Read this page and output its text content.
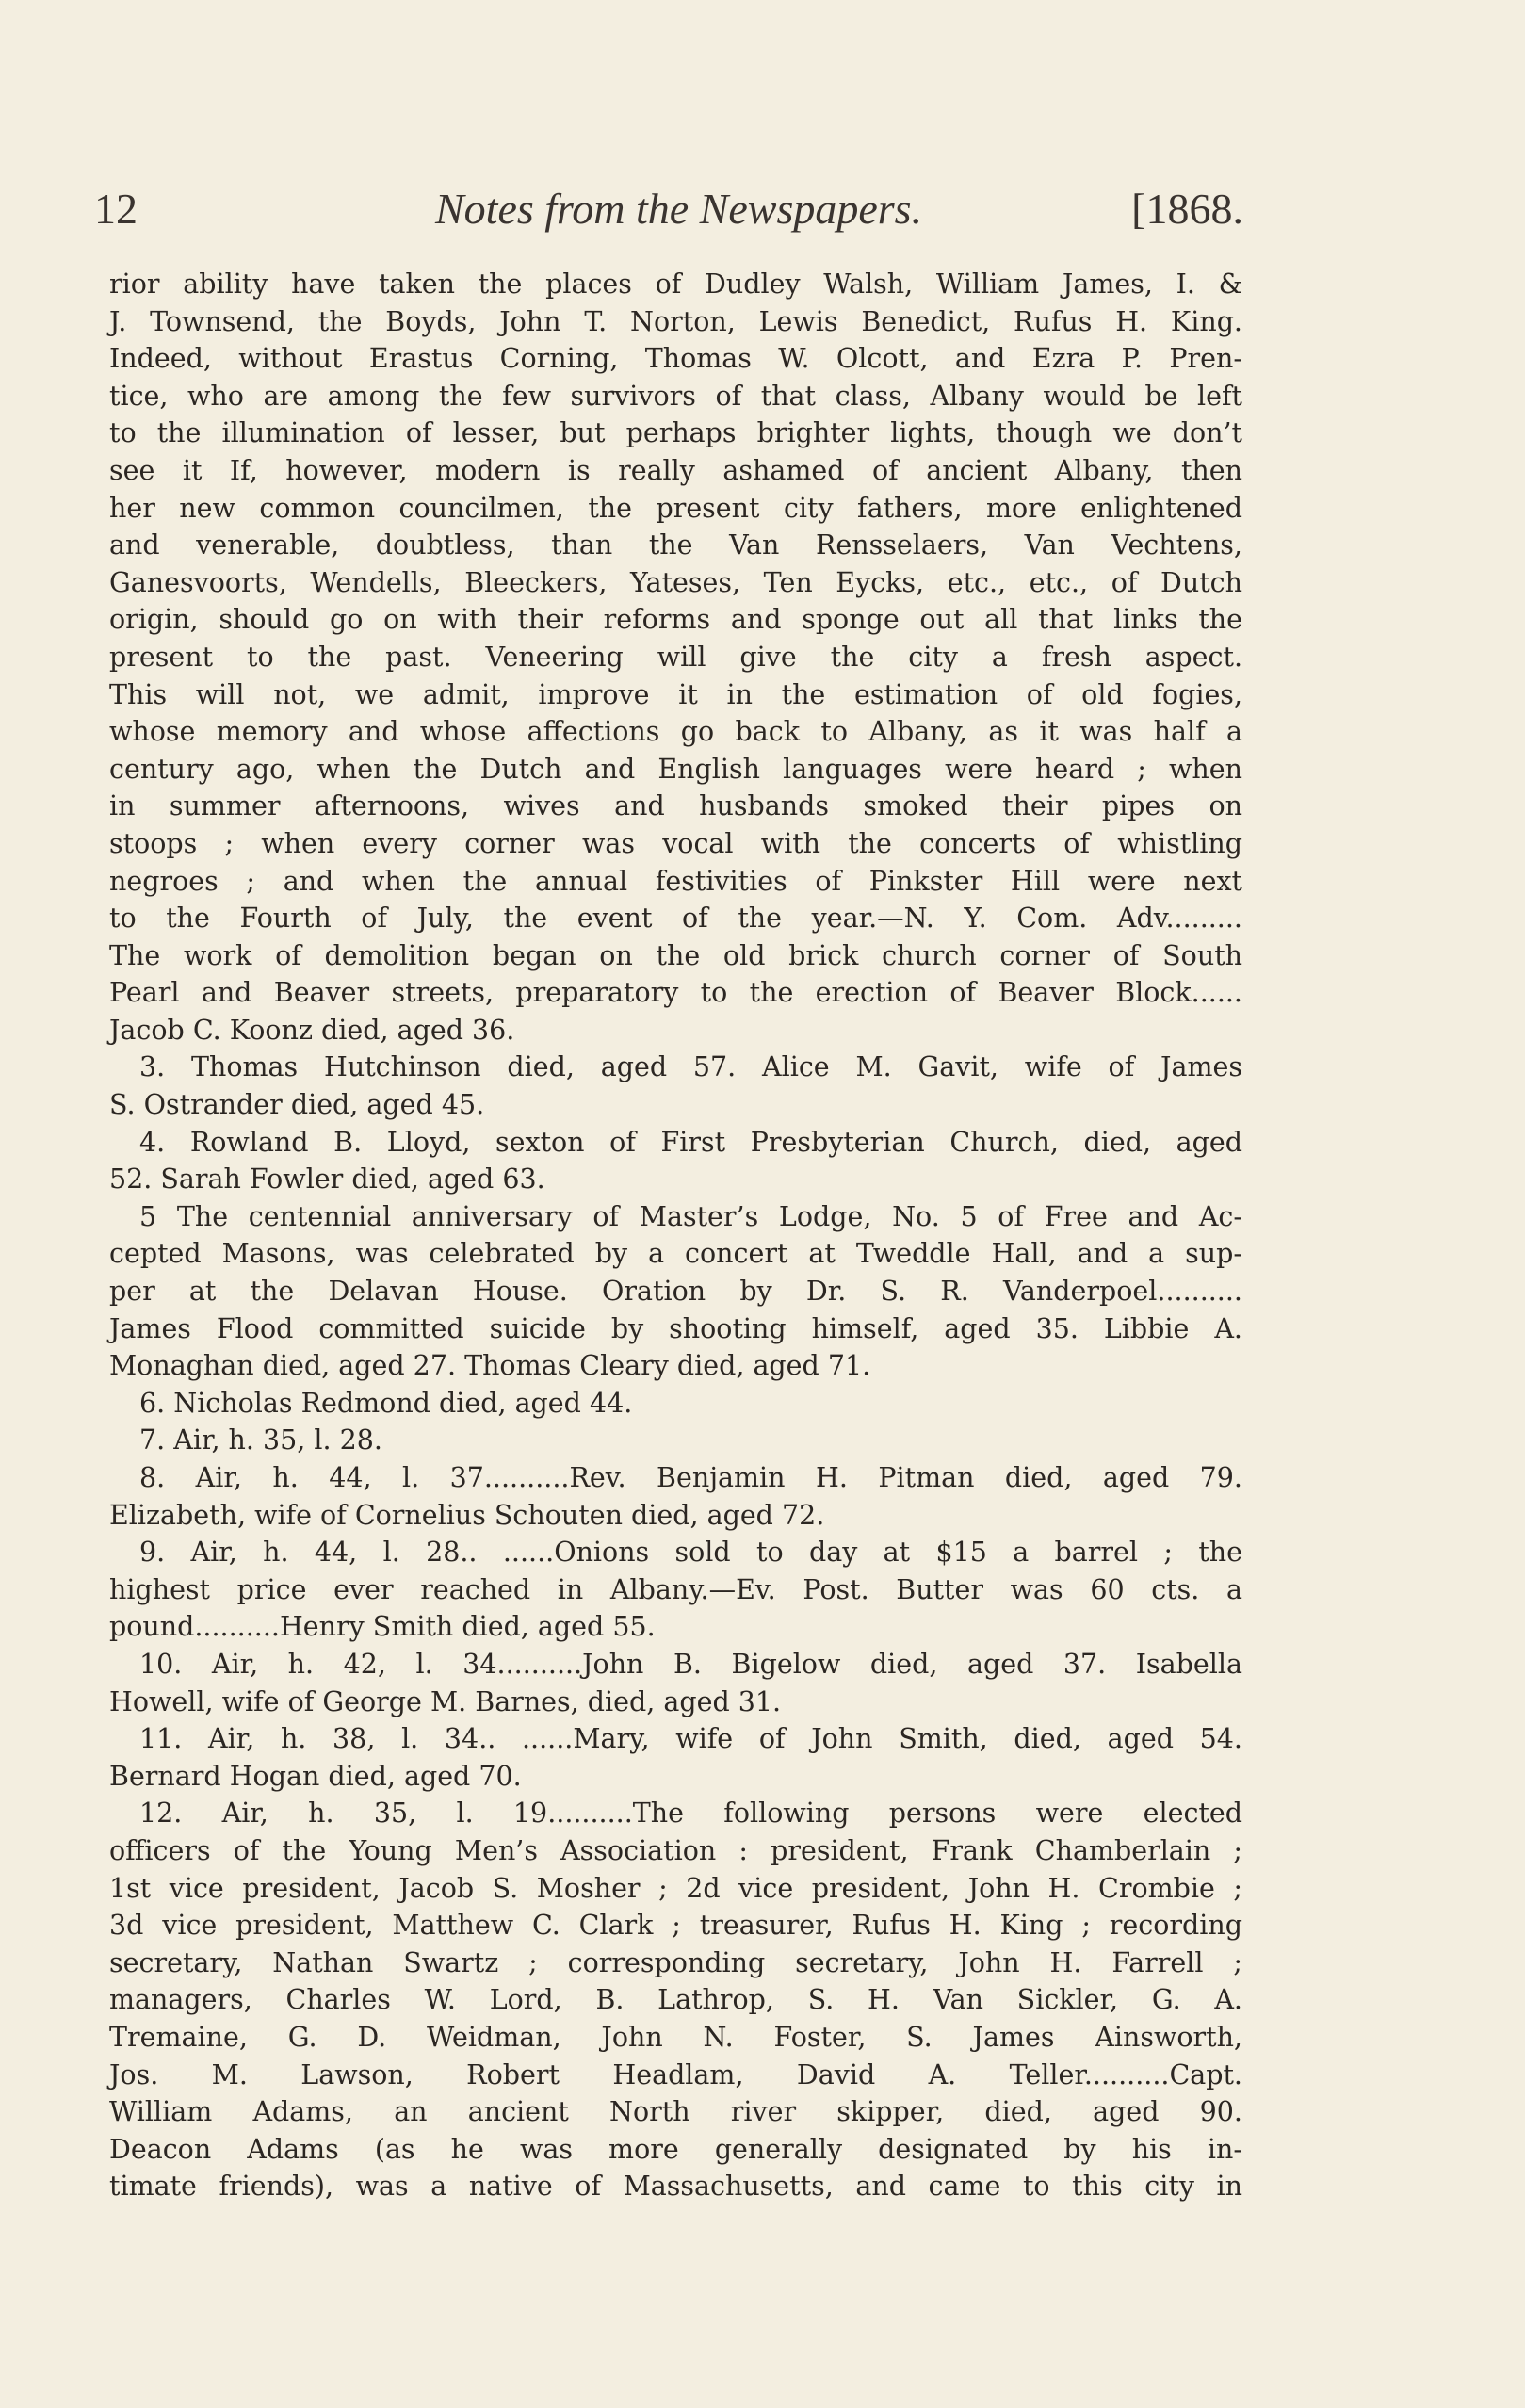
12	Notes from the Newspapers.	[1868.
rior ability have taken the places of Dudley Walsh, William James, I. &
J. Townsend, the Boyds, John T. Norton, Lewis Benedict, Rufus H. King.
Indeed, without Erastus Corning, Thomas W. Olcott, and Ezra P. Pren-
tice, who are among the few survivors of that class, Albany would be left
to the illumination of lesser, but perhaps brighter lights, though we don’t
see it If, however, modern is really ashamed of ancient Albany, then
her new common councilmen, the present city fathers, more enlightened
and venerable, doubtless, than the Van Rensselaers, Van Vechtens,
Ganesvoorts, Wendells, Bleeckers, Yateses, Ten Eycks, etc., etc., of Dutch
origin, should go on with their reforms and sponge out all that links the
present to the past. Veneering will give the city a fresh aspect.
This will not, we admit, improve it in the estimation of old fogies,
whose memory and whose affections go back to Albany, as it was half a
century ago, when the Dutch and English languages were heard ; when
in summer afternoons, wives and husbands smoked their pipes on
stoops ; when every corner was vocal with the concerts of whistling
negroes ; and when the annual festivities of Pinkster Hill were next
to the Fourth of July, the event of the year.—N. Y. Com. Adv.........
The work of demolition began on the old brick church corner of South
Pearl and Beaver streets, preparatory to the erection of Beaver Block......
Jacob C. Koonz died, aged 36.
3. Thomas Hutchinson died, aged 57. Alice M. Gavit, wife of James
S. Ostrander died, aged 45.
4. Rowland B. Lloyd, sexton of First Presbyterian Church, died, aged
52. Sarah Fowler died, aged 63.
5 The centennial anniversary of Master’s Lodge, No. 5 of Free and Ac-
cepted Masons, was celebrated by a concert at Tweddle Hall, and a sup-
per at the Delavan House. Oration by Dr. S. R. Vanderpoel..........
James Flood committed suicide by shooting himself, aged 35. Libbie A.
Monaghan died, aged 27. Thomas Cleary died, aged 71.
6. Nicholas Redmond died, aged 44.
7. Air, h. 35, l. 28.
8. Air, h. 44, l. 37..........Rev. Benjamin H. Pitman died, aged 79.
Elizabeth, wife of Cornelius Schouten died, aged 72.
9. Air, h. 44, l. 28.. ......Onions sold to day at $15 a barrel ; the
highest price ever reached in Albany.—Ev. Post. Butter was 60 cts. a
pound..........Henry Smith died, aged 55.
10. Air, h. 42, l. 34..........John B. Bigelow died, aged 37. Isabella
Howell, wife of George M. Barnes, died, aged 31.
11. Air, h. 38, l. 34.. ......Mary, wife of John Smith, died, aged 54.
Bernard Hogan died, aged 70.
12. Air, h. 35, l. 19..........The following persons were elected
officers of the Young Men’s Association : president, Frank Chamberlain ;
1st vice president, Jacob S. Mosher ; 2d vice president, John H. Crombie ;
3d vice president, Matthew C. Clark ; treasurer, Rufus H. King ; recording
secretary, Nathan Swartz ; corresponding secretary, John H. Farrell ;
managers, Charles W. Lord, B. Lathrop, S. H. Van Sickler, G. A.
Tremaine, G. D. Weidman, John N. Foster, S. James Ainsworth,
Jos. M. Lawson, Robert Headlam, David A. Teller..........Capt.
William Adams, an ancient North river skipper, died, aged 90.
Deacon Adams (as he was more generally designated by his in-
timate friends), was a native of Massachusetts, and came to this city in
